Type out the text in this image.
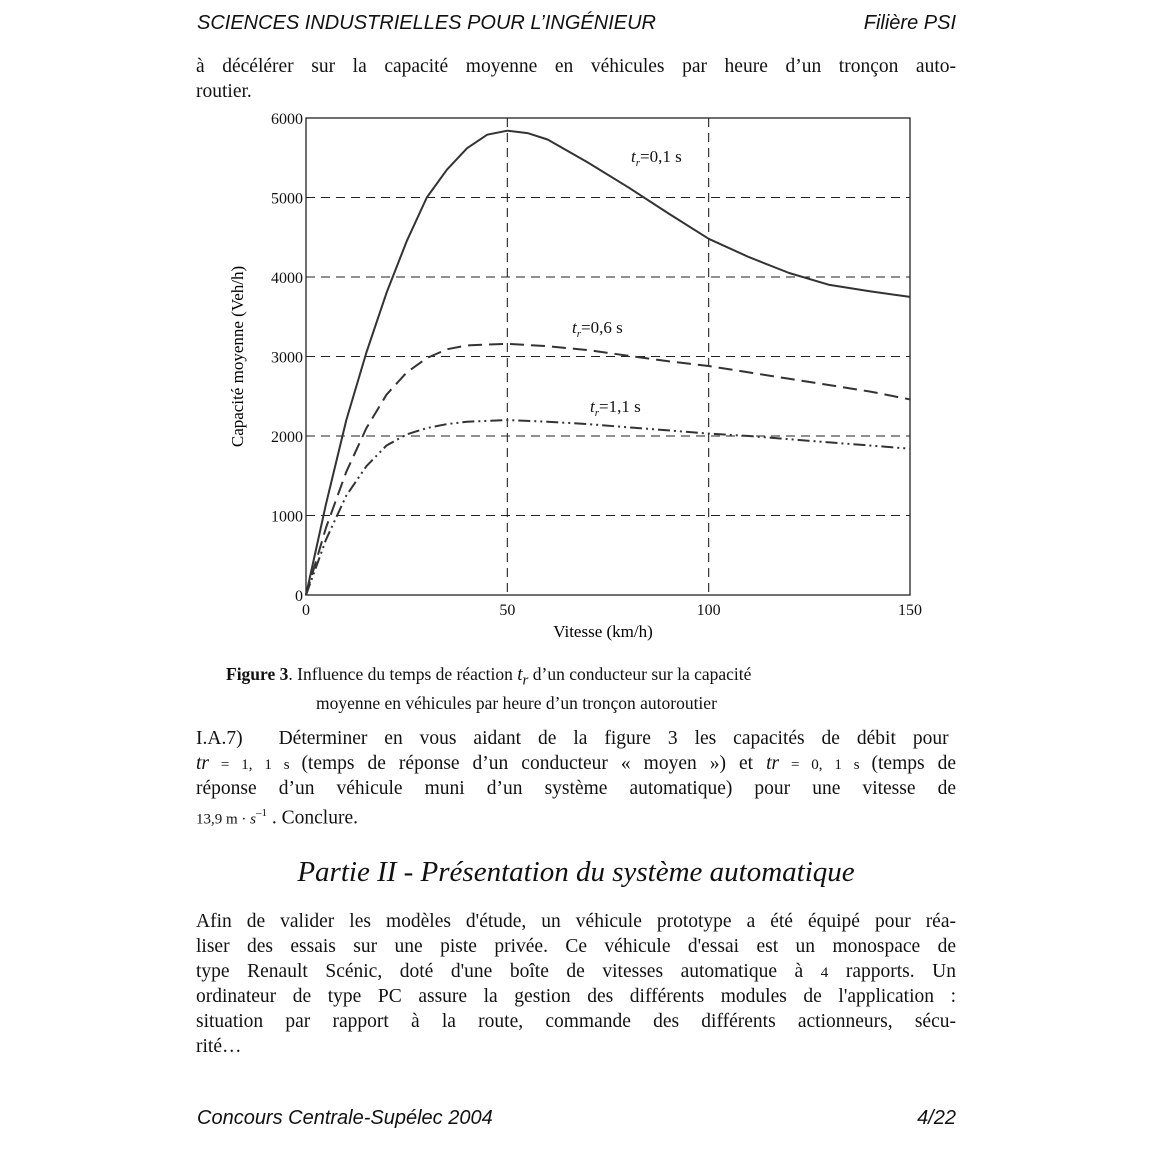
SCIENCES INDUSTRIELLES POUR L’INGÉNIEUR	Filière PSI
à décélérer sur la capacité moyenne en véhicules par heure d’un tronçon auto-
routier.
0
1000
2000
3000
4000
5000
6000
0	50	100	150
$t_r=0,1$ s
$t_r=0,6$ s
$t_r=1,1$ s
Vitesse (km/h)
Capacité moyenne (Veh/h)
Figure 3. Influence du temps de réaction $t_r$ d’un conducteur sur la capacité
moyenne en véhicules par heure d’un tronçon autoroutier
I.A.7) Déterminer en vous aidant de la figure 3 les capacités de débit pour
tr = 1, 1 s (temps de réponse d’un conducteur « moyen ») et tr = 0, 1 s (temps de
réponse d’un véhicule muni d’un système automatique) pour une vitesse de
13,9 $m \cdot s^{-1}$ . Conclure.
Partie II - Présentation du système automatique
Afin de valider les modèles d'étude, un véhicule prototype a été équipé pour réa-
liser des essais sur une piste privée. Ce véhicule d'essai est un monospace de
type Renault Scénic, doté d'une boîte de vitesses automatique à 4 rapports. Un
ordinateur de type PC assure la gestion des différents modules de l'application :
situation par rapport à la route, commande des différents actionneurs, sécu-
rité…
Concours Centrale-Supélec 2004	4/22
